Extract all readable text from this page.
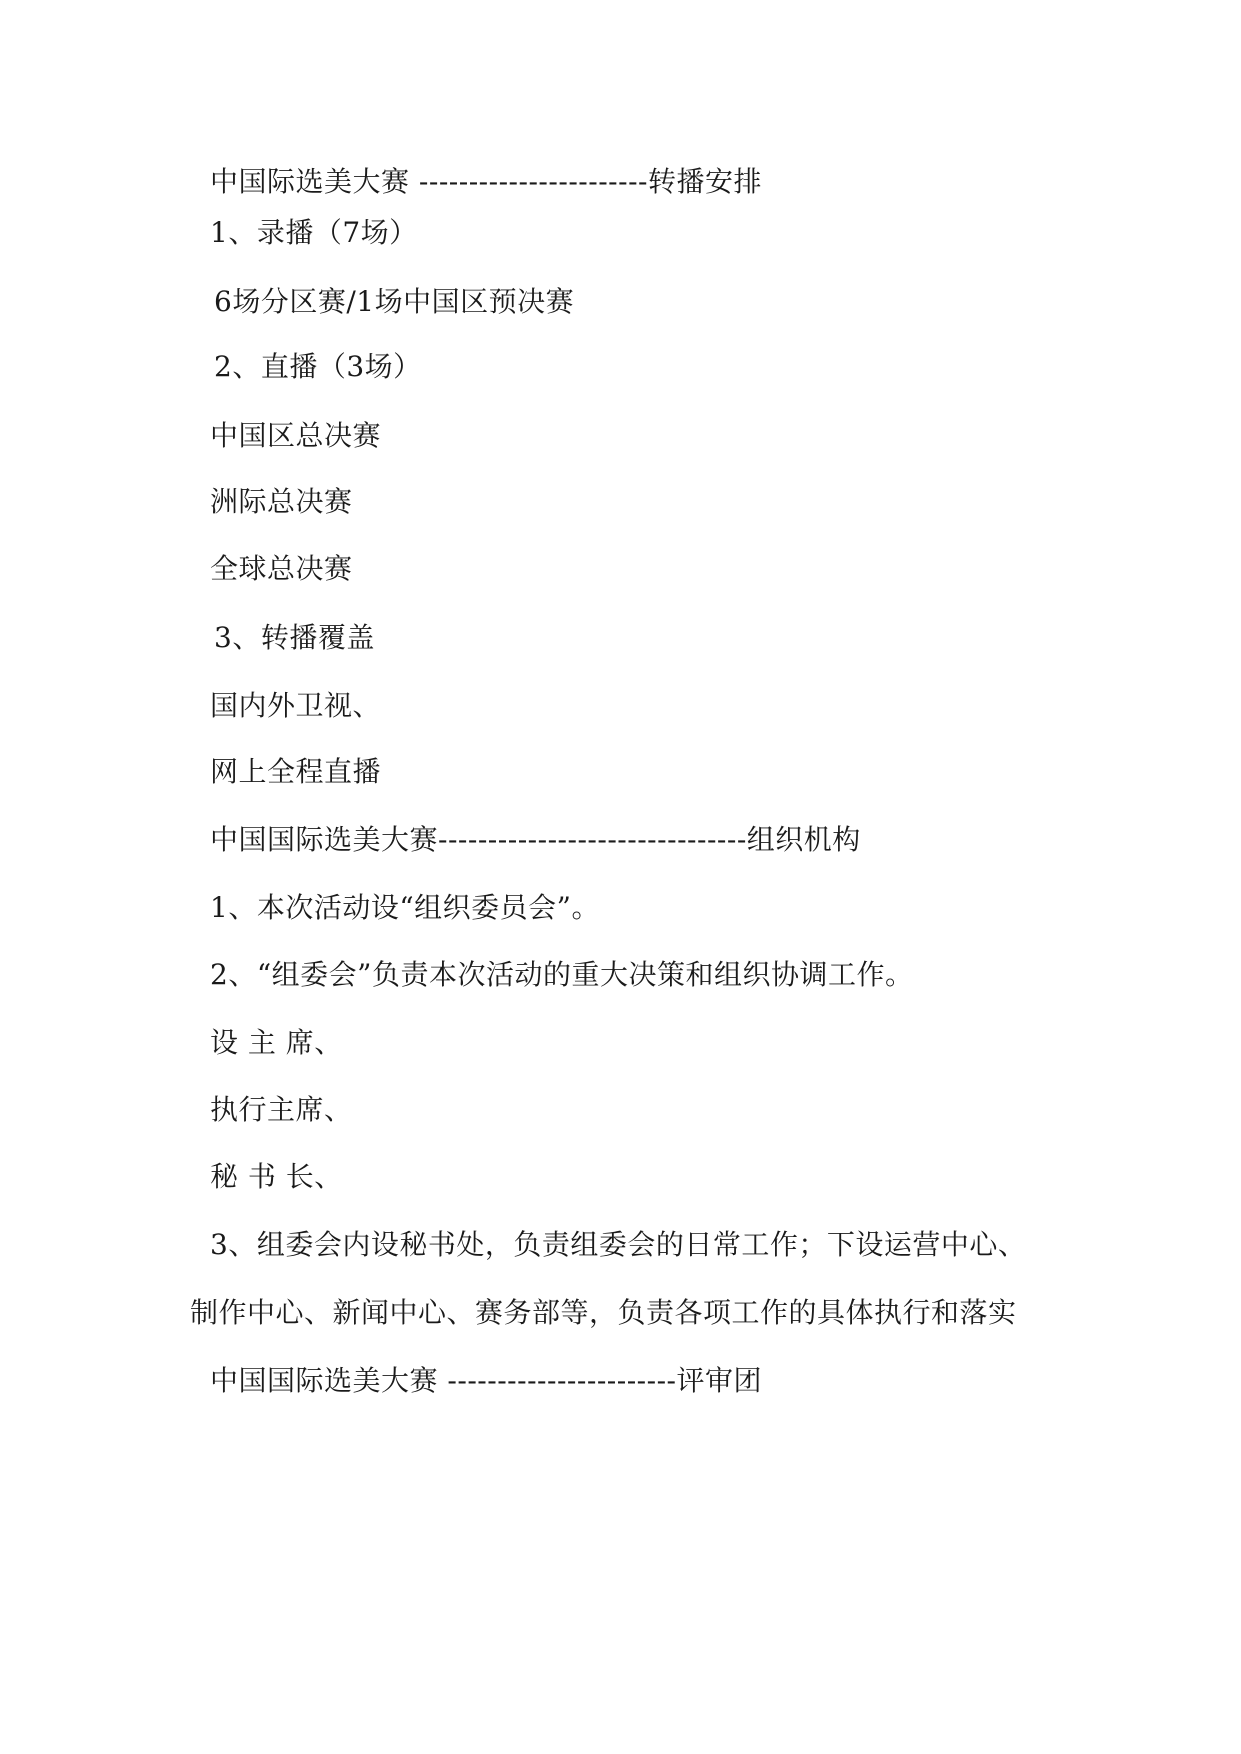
中国际选美大赛 -----------------------转播安排
1、录播（7场）
6场分区赛/1场中国区预决赛
2、直播（3场）
中国区总决赛
洲际总决赛
全球总决赛
3、转播覆盖
国内外卫视、
网上全程直播
中国国际选美大赛-------------------------------组织机构
1、本次活动设“组织委员会”。
2、“组委会”负责本次活动的重大决策和组织协调工作。
设 主 席、
执行主席、
秘 书 长、
3、组委会内设秘书处，负责组委会的日常工作；下设运营中心、
制作中心、新闻中心、赛务部等，负责各项工作的具体执行和落实
中国国际选美大赛 -----------------------评审团
